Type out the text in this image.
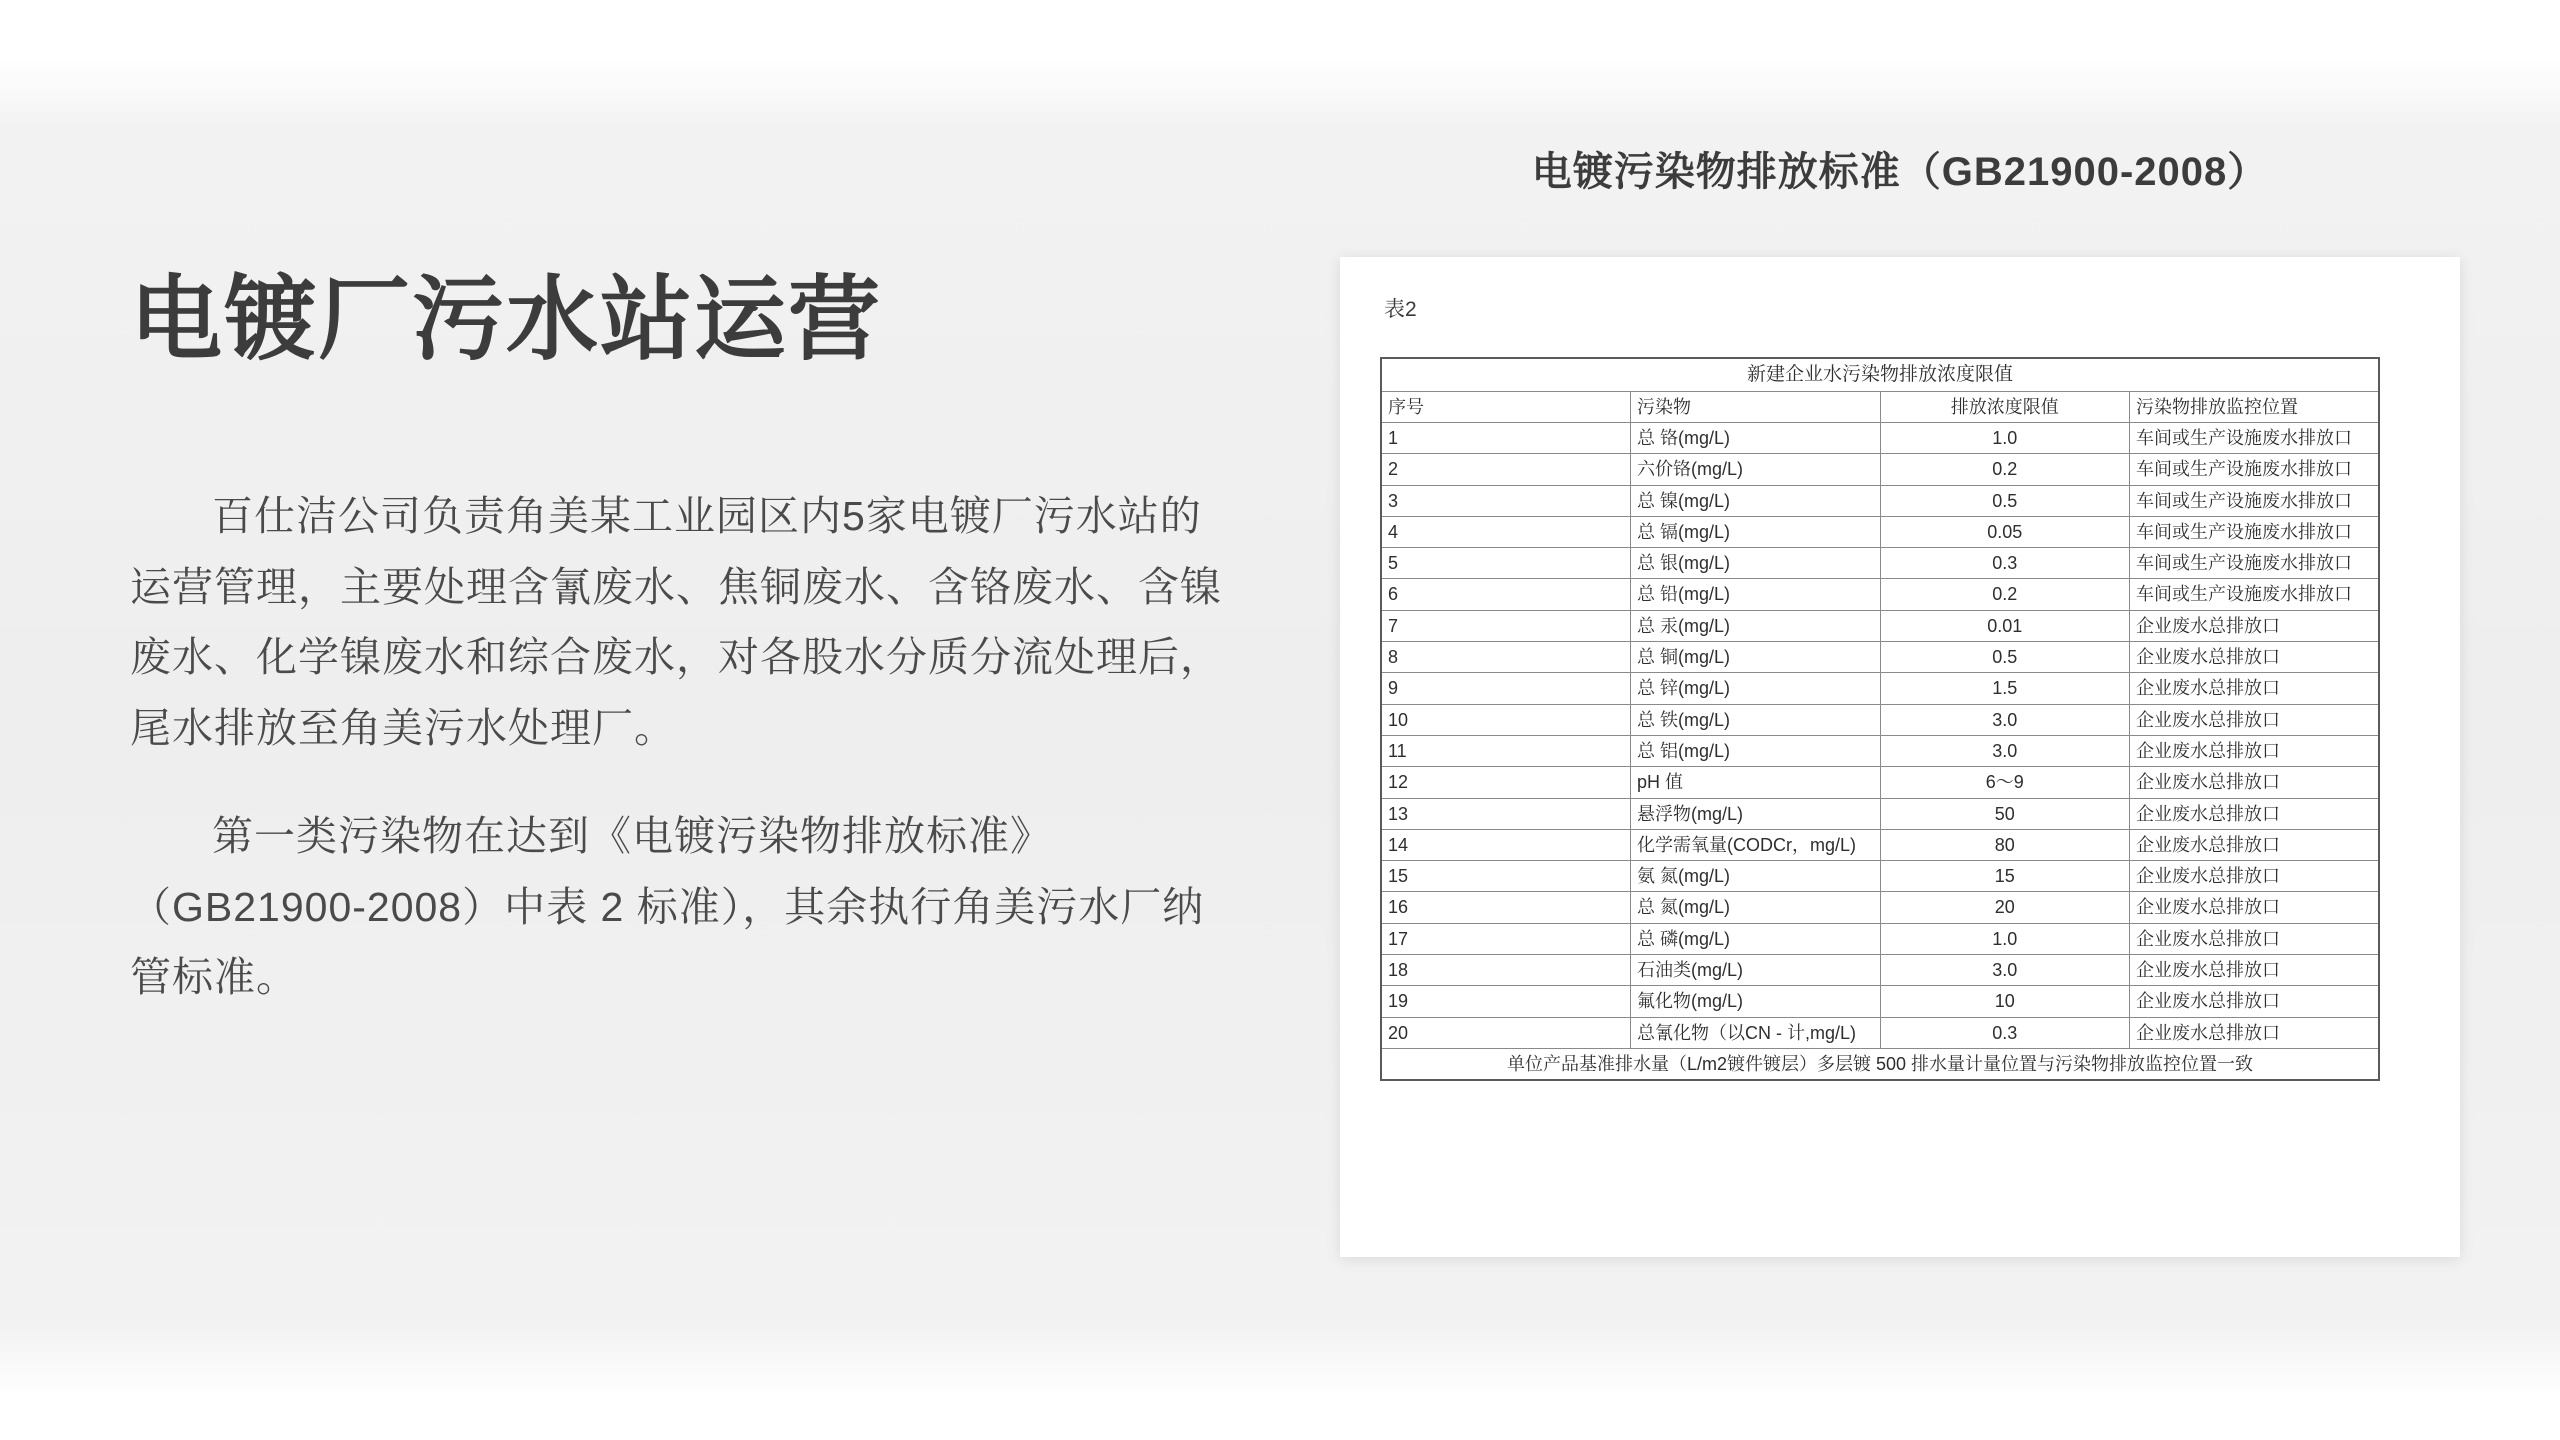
电镀厂污水站运营

百仕洁公司负责角美某工业园区内5家电镀厂污水站的运营管理，主要处理含氰废水、焦铜废水、含铬废水、含镍废水、化学镍废水和综合废水，对各股水分质分流处理后，尾水排放至角美污水处理厂。

第一类污染物在达到《电镀污染物排放标准》（GB21900-2008）中表 2 标准），其余执行角美污水厂纳管标准。

电镀污染物排放标准（GB21900-2008）
表2
新建企业水污染物排放浓度限值			
序号	污染物	排放浓度限值	污染物排放监控位置
1	总 铬(mg/L)	1.0	车间或生产设施废水排放口
2	六价铬(mg/L)	0.2	车间或生产设施废水排放口
3	总 镍(mg/L)	0.5	车间或生产设施废水排放口
4	总 镉(mg/L)	0.05	车间或生产设施废水排放口
5	总 银(mg/L)	0.3	车间或生产设施废水排放口
6	总 铅(mg/L)	0.2	车间或生产设施废水排放口
7	总 汞(mg/L)	0.01	企业废水总排放口
8	总 铜(mg/L)	0.5	企业废水总排放口
9	总 锌(mg/L)	1.5	企业废水总排放口
10	总 铁(mg/L)	3.0	企业废水总排放口
11	总 铝(mg/L)	3.0	企业废水总排放口
12	pH 值	6～9	企业废水总排放口
13	悬浮物(mg/L)	50	企业废水总排放口
14	化学需氧量(CODCr，mg/L)	80	企业废水总排放口
15	氨 氮(mg/L)	15	企业废水总排放口
16	总 氮(mg/L)	20	企业废水总排放口
17	总 磷(mg/L)	1.0	企业废水总排放口
18	石油类(mg/L)	3.0	企业废水总排放口
19	氟化物(mg/L)	10	企业废水总排放口
20	总氰化物（以CN - 计,mg/L)	0.3	企业废水总排放口
单位产品基准排水量（L/m2镀件镀层）多层镀 500 排水量计量位置与污染物排放监控位置一致			
